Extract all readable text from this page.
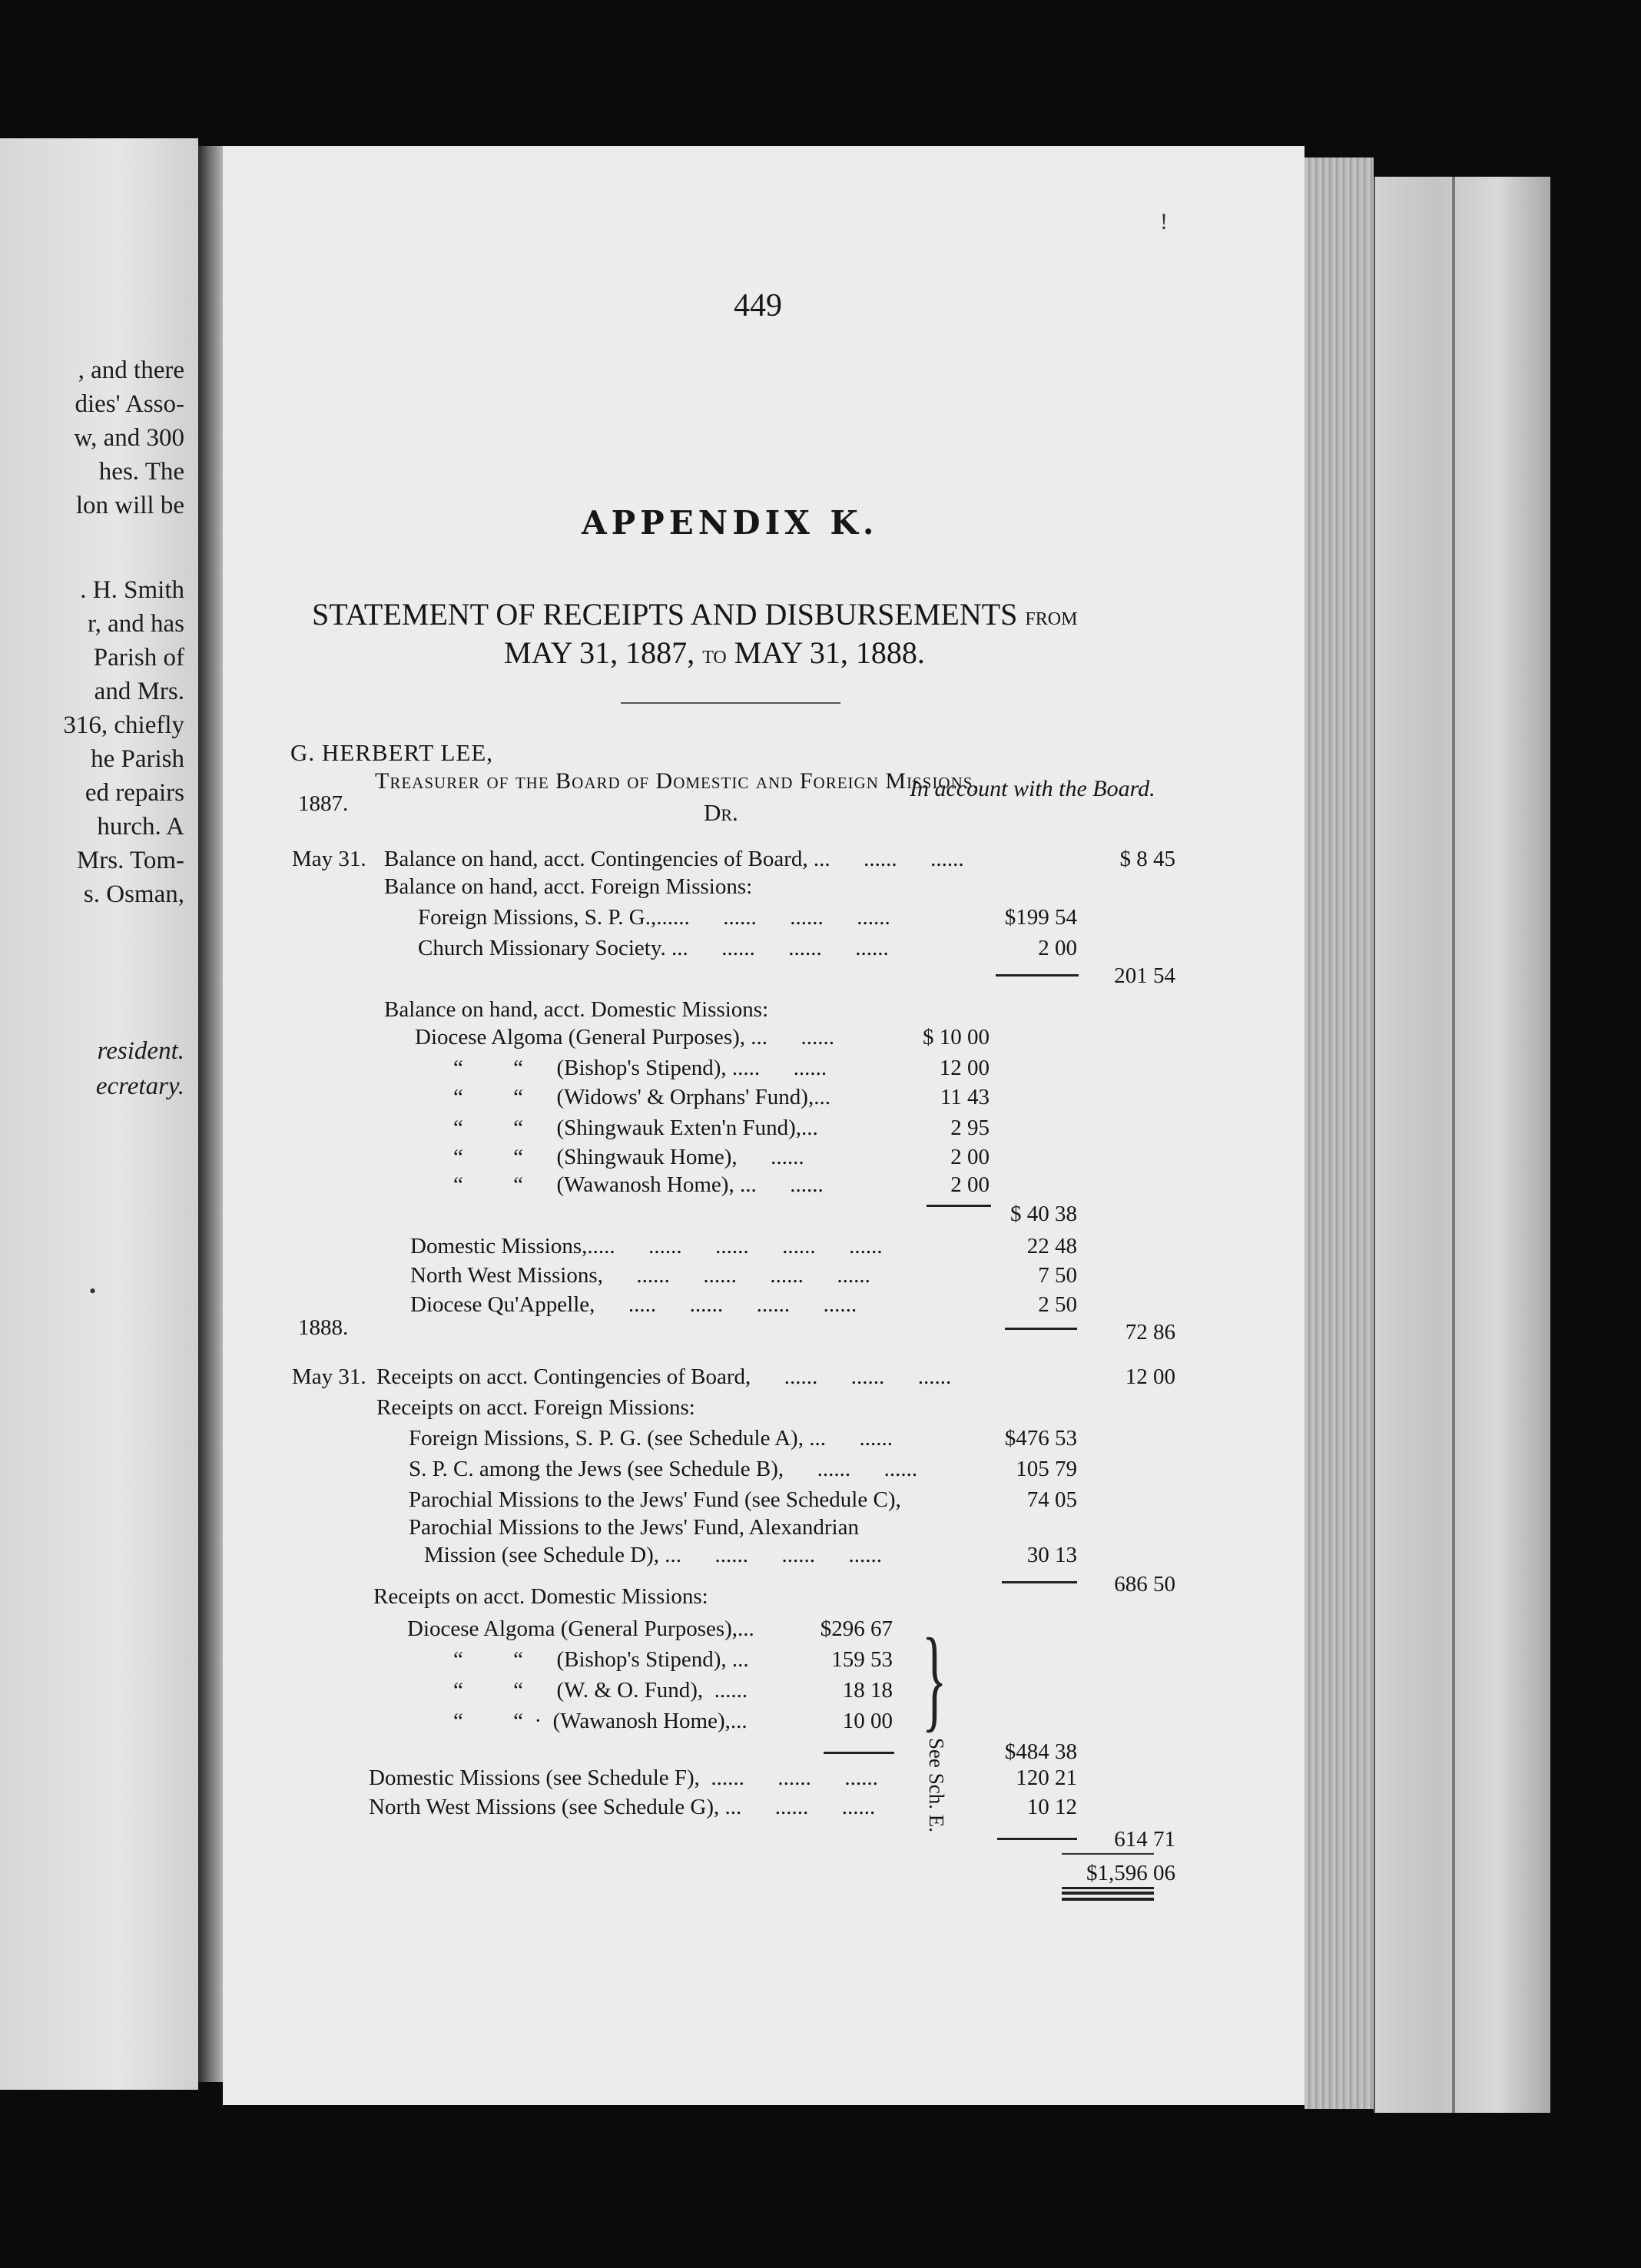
, and there
dies' Asso-
w, and 300
hes. The
lon will be
. H. Smith
r, and has
Parish of
and Mrs.
316, chiefly
he Parish
ed repairs
hurch. A
Mrs. Tom-
s. Osman,
resident.
ecretary.
•
ǃ
449
APPENDIX K.
STATEMENT OF RECEIPTS AND DISBURSEMENTS from
MAY 31, 1887, to MAY 31, 1888.
G. HERBERT LEE,
Treasurer of the Board of Domestic and Foreign Missions,
In account with the Board.
1887.	Dr.
1888.
May 31. Balance on hand, acct. Contingencies of Board, ...      ......      ......	$ 8 45
Balance on hand, acct. Foreign Missions:
Foreign Missions, S. P. G.,......      ......      ......      ......	$199 54
Church Missionary Society. ...      ......      ......      ......	2 00
201 54
Balance on hand, acct. Domestic Missions:
Diocese Algoma (General Purposes), ...      ......	$ 10 00
“         “      (Bishop's Stipend), .....      ......	12 00
“         “      (Widows' & Orphans' Fund),...	11 43
“         “      (Shingwauk Exten'n Fund),...	2 95
“         “      (Shingwauk Home),      ......	2 00
“         “      (Wawanosh Home), ...      ......	2 00
$ 40 38
Domestic Missions,.....      ......      ......      ......      ......	22 48
North West Missions,      ......      ......      ......      ......	7 50
Diocese Qu'Appelle,      .....      ......      ......      ......	2 50
72 86
May 31. Receipts on acct. Contingencies of Board,      ......      ......      ......	12 00
Receipts on acct. Foreign Missions:
Foreign Missions, S. P. G. (see Schedule A), ...      ......	$476 53
S. P. C. among the Jews (see Schedule B),      ......      ......	105 79
Parochial Missions to the Jews' Fund (see Schedule C),	74 05
Parochial Missions to the Jews' Fund, Alexandrian
Mission (see Schedule D), ...      ......      ......      ......	30 13
686 50
Receipts on acct. Domestic Missions:
Diocese Algoma (General Purposes),...	$296 67
“         “      (Bishop's Stipend), ...	159 53
“         “      (W. & O. Fund),  ......	18 18
“         “  ·  (Wawanosh Home),...	10 00
$484 38
Domestic Missions (see Schedule F),  ......      ......      ......	120 21
North West Missions (see Schedule G), ...      ......      ......	10 12
614 71
$1,596 06
}
See Sch. E.
